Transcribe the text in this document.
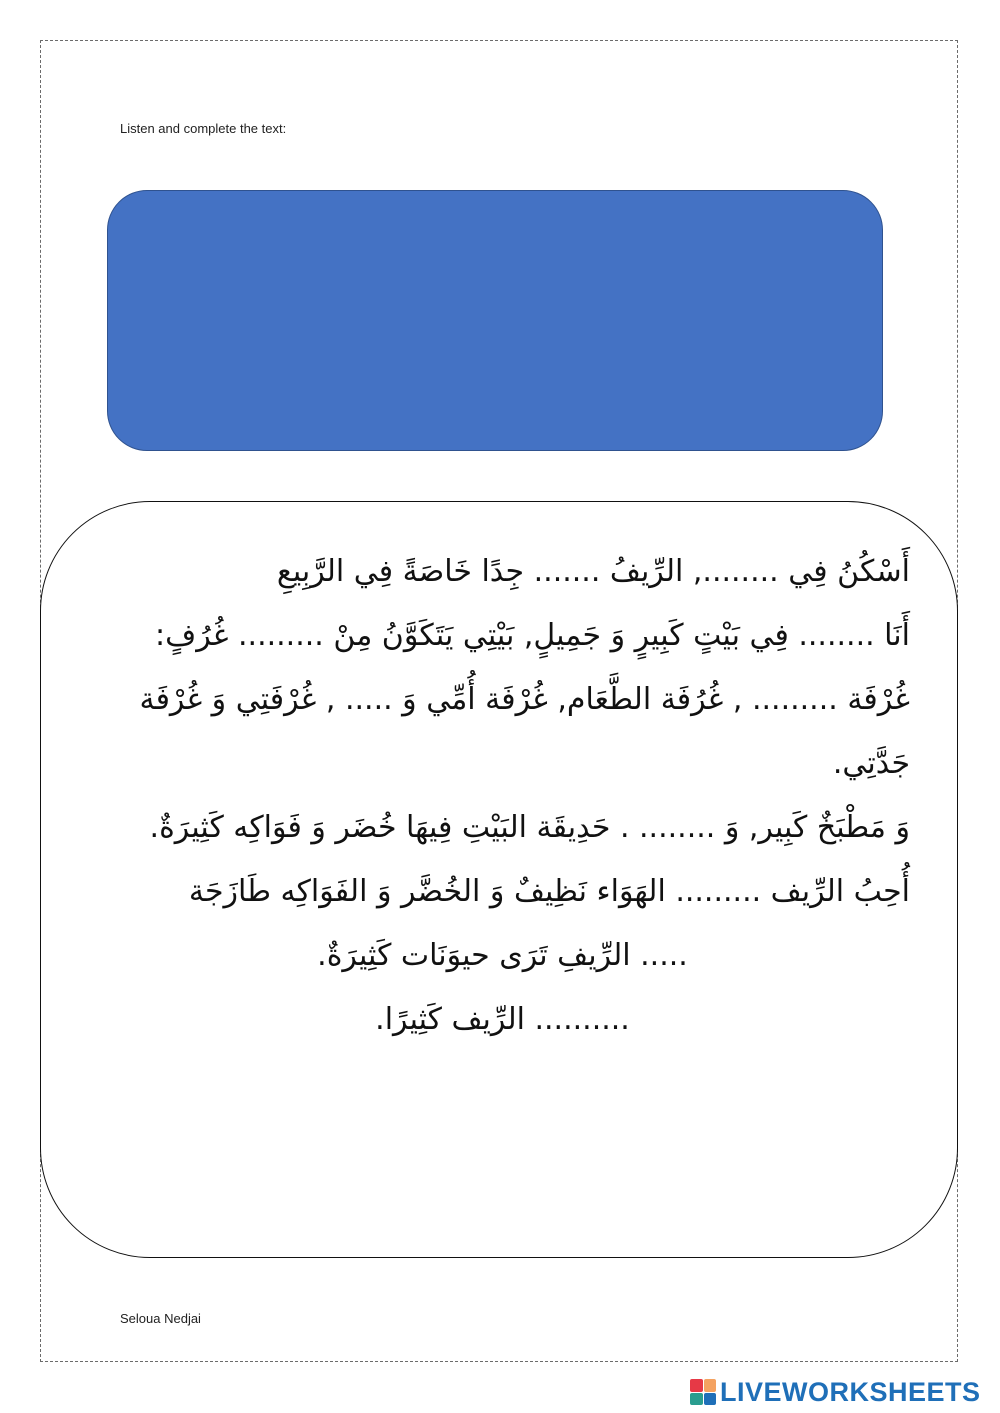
Listen and complete the text:
أَسْكُنُ فِي ........, الرِّيفُ ....... جِدًا خَاصَةً فِي الرَّبِيعِ
أَنَا ........ فِي بَيْتٍ كَبِيرٍ وَ جَمِيلٍ, بَيْتِي يَتَكَوَّنُ مِنْ ......... غُرُفٍ:
غُرْفَة ......... , غُرُفَة الطَّعَام, غُرْفَة أُمِّي وَ ..... , غُرْفَتِي وَ غُرْفَة جَدَّتِي.
وَ مَطْبَخٌ كَبِير, وَ ........ . حَدِيقَة البَيْتِ فِيهَا خُضَر وَ فَوَاكِه كَثِيرَةٌ.
أُحِبُ الرِّيف ......... الهَوَاء نَظِيفٌ وَ الخُضَّر وَ الفَوَاكِه طَازَجَة
..... الرِّيفِ تَرَى حيوَنَات كَثِيرَةٌ.
.......... الرِّيف كَثِيرًا.
Seloua Nedjai
LIVEWORKSHEETS
